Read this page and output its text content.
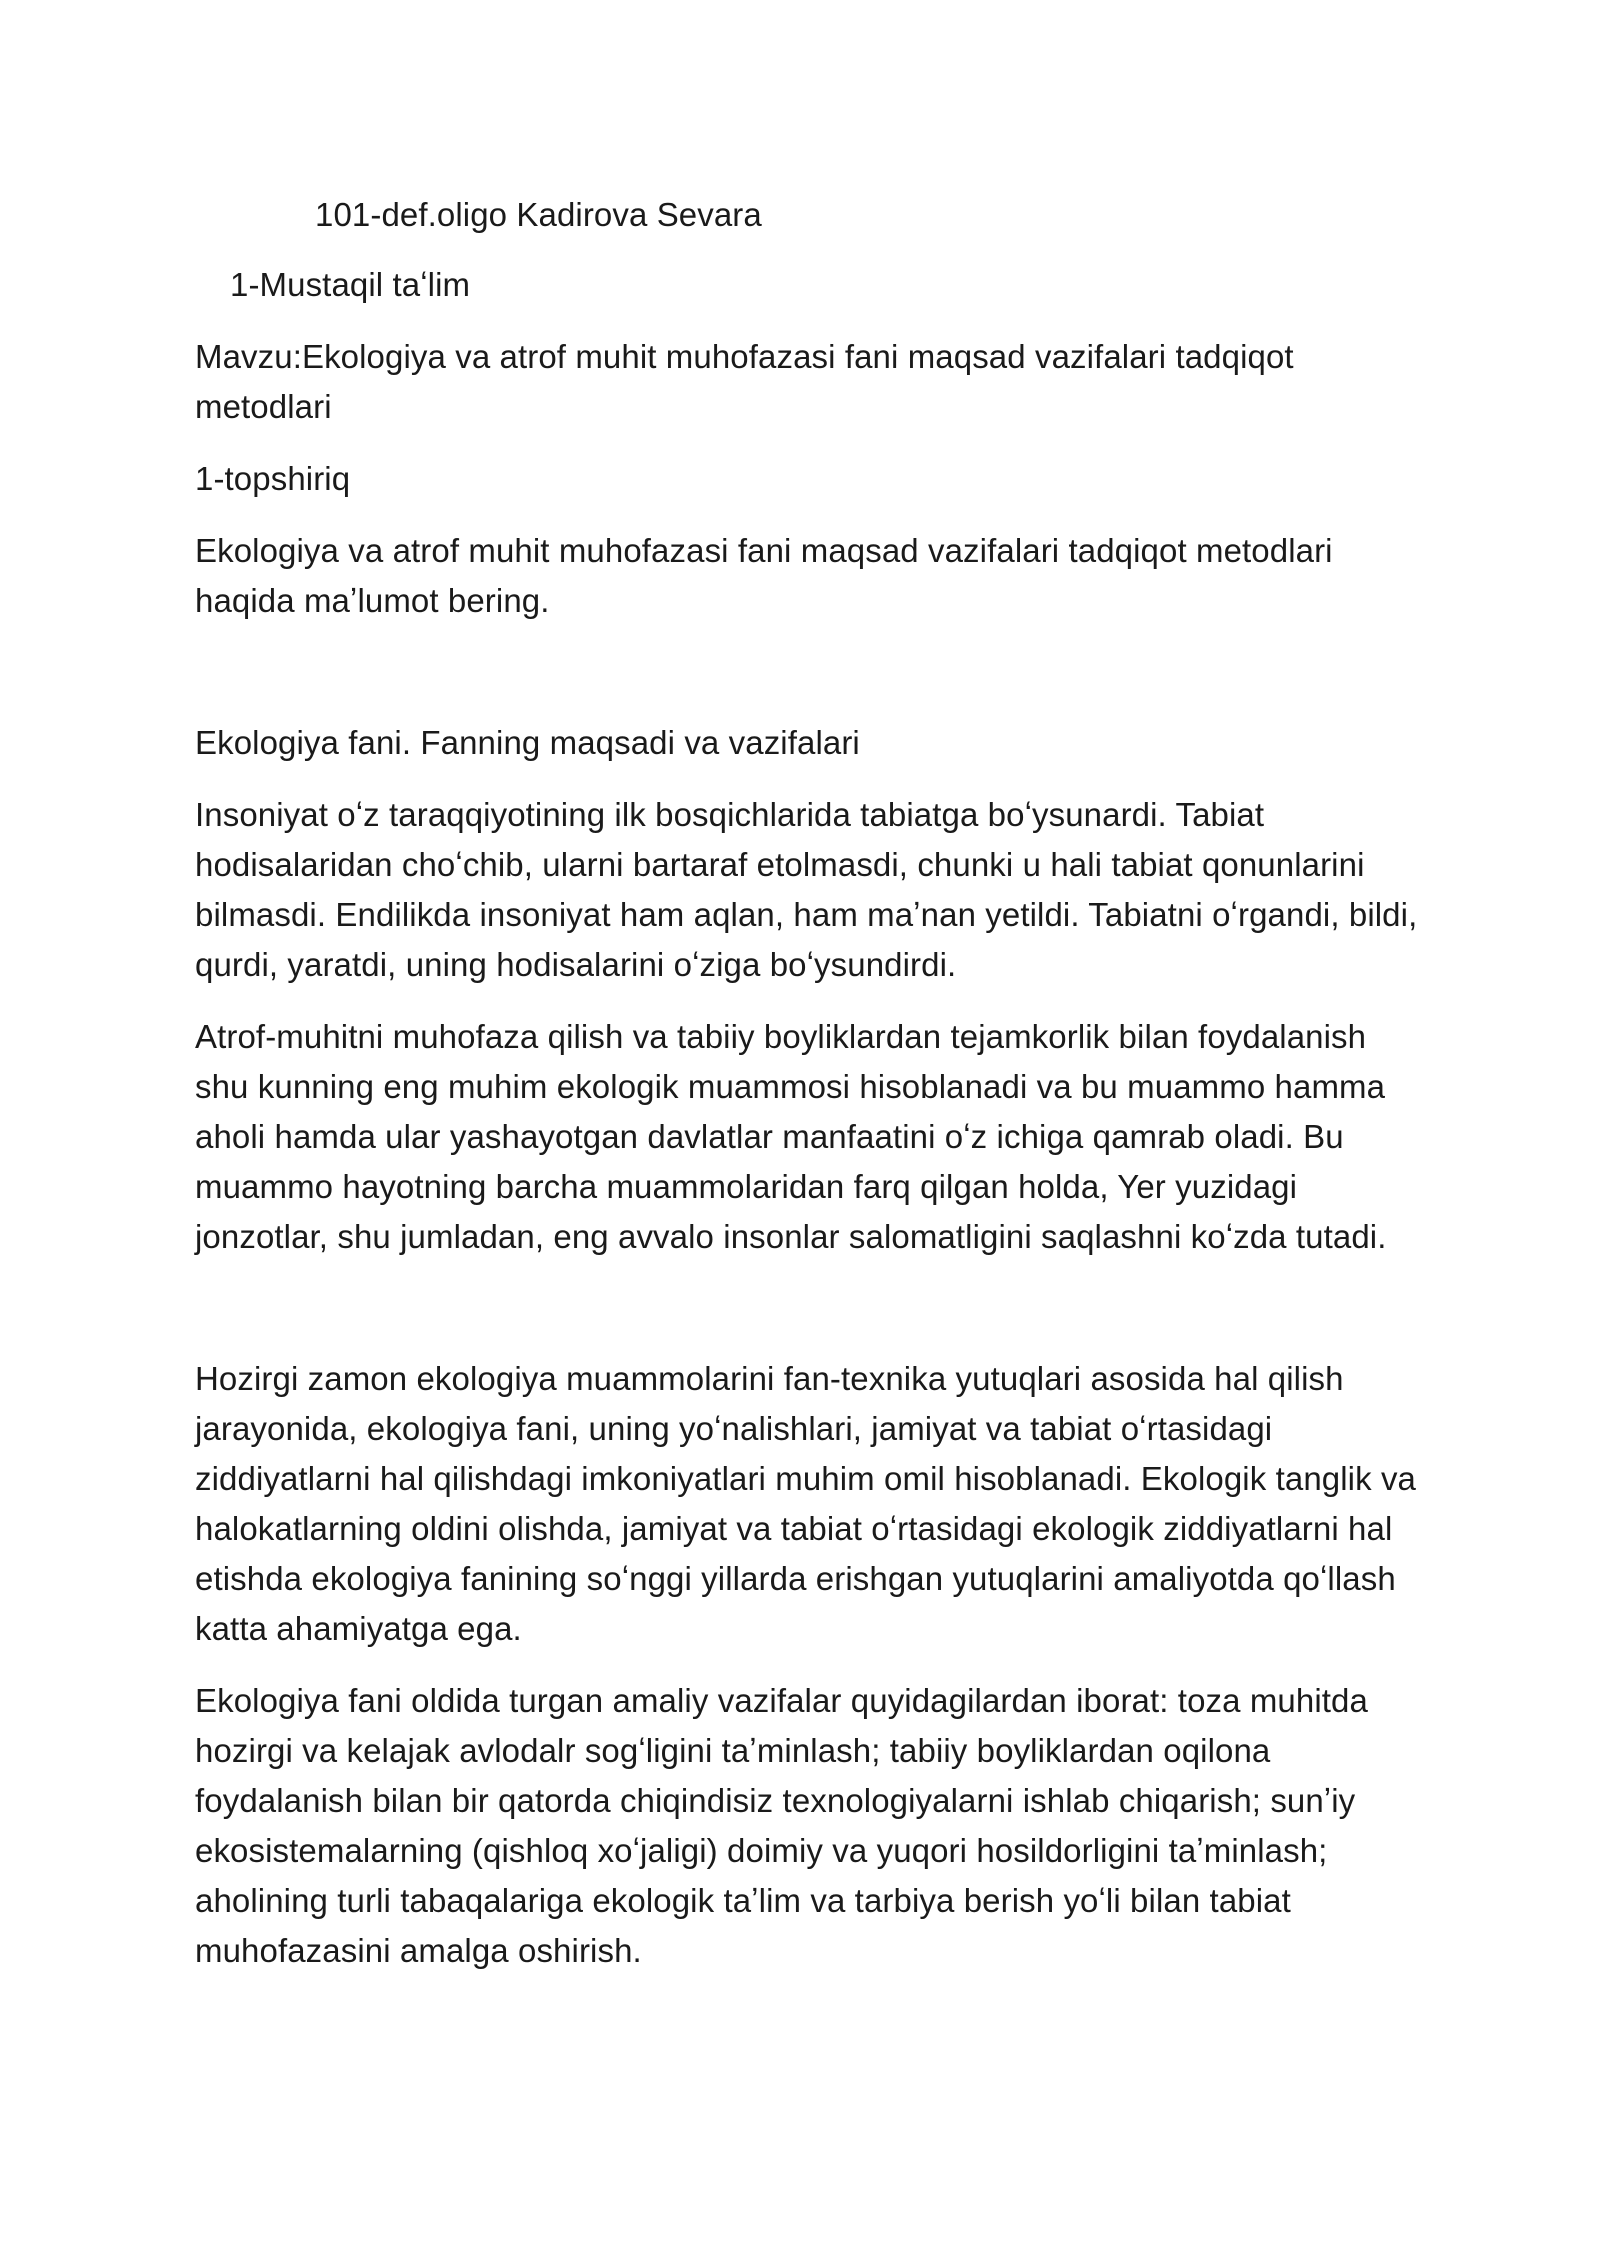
101-def.oligo Kadirova Sevara

1-Mustaqil taʻlim

Mavzu:Ekologiya va atrof muhit muhofazasi fani maqsad vazifalari tadqiqot metodlari

1-topshiriq

Ekologiya va atrof muhit muhofazasi fani maqsad vazifalari tadqiqot metodlari haqida maʼlumot bering.

Ekologiya fani. Fanning maqsadi va vazifalari

Insoniyat oʻz taraqqiyotining ilk bosqichlarida tabiatga boʻysunardi. Tabiat hodisalaridan choʻchib, ularni bartaraf etolmasdi, chunki u hali tabiat qonunlarini bilmasdi. Endilikda insoniyat ham aqlan, ham maʼnan yetildi. Tabiatni oʻrgandi, bildi, qurdi, yaratdi, uning hodisalarini oʻziga boʻysundirdi.

Atrof-muhitni muhofaza qilish va tabiiy boyliklardan tejamkorlik bilan foydalanish shu kunning eng muhim ekologik muammosi hisoblanadi va bu muammo hamma aholi hamda ular yashayotgan davlatlar manfaatini oʻz ichiga qamrab oladi. Bu muammo hayotning barcha muammolaridan farq qilgan holda, Yer yuzidagi jonzotlar, shu jumladan, eng avvalo insonlar salomatligini saqlashni koʻzda tutadi.

Hozirgi zamon ekologiya muammolarini fan-texnika yutuqlari asosida hal qilish jarayonida, ekologiya fani, uning yoʻnalishlari, jamiyat va tabiat oʻrtasidagi ziddiyatlarni hal qilishdagi imkoniyatlari muhim omil hisoblanadi. Ekologik tanglik va halokatlarning oldini olishda, jamiyat va tabiat oʻrtasidagi ekologik ziddiyatlarni hal etishda ekologiya fanining soʻnggi yillarda erishgan yutuqlarini amaliyotda qoʻllash katta ahamiyatga ega.

Ekologiya fani oldida turgan amaliy vazifalar quyidagilardan iborat: toza muhitda hozirgi va kelajak avlodalr sogʻligini taʼminlash; tabiiy boyliklardan oqilona foydalanish bilan bir qatorda chiqindisiz texnologiyalarni ishlab chiqarish; sunʼiy ekosistemalarning (qishloq xoʻjaligi) doimiy va yuqori hosildorligini taʼminlash; aholining turli tabaqalariga ekologik taʼlim va tarbiya berish yoʻli bilan tabiat muhofazasini amalga oshirish.
